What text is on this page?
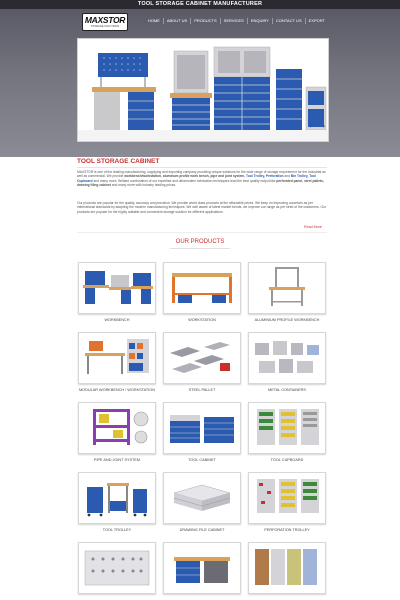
TOOL STORAGE CABINET MANUFACTURER
MAXSTOR
STORAGE SOLUTIONS
HOME	ABOUT US	PRODUCTS	SERVICES	ENQUIRY	CONTACT US	EXPORT
‹	›
TOOL STORAGE CABINET
MAXSTOR is one of the leading manufacturing, supplying and exporting company providing unique solutions for the wide range of storage requirement for the industrial as well as commercial. We provide workbench/workstation, aluminum profile work bench, pipe and joint system, Tool Trolley, Perforation and Bin Trolley, Tool Cupboard and many more. Brilliant combination of our expertise and ultramodern fabrication techniques lead the best quality output like perforated panel, steel pallets, drawing filing cabinet and many more with industry leading prices.
Our products are popular for the quality, accuracy and precision. We provide world class products at the affordable prices. We keep on improving ourselves as per international standards by adopting the modern manufacturing techniques. We well aware of latest market trends, we improve our range as per need of the customers. Our products are popular for the highly suitable and convenient storage solution for different applications.
Read More
OUR PRODUCTS
WORKBENCH	WORKSTATION	ALUMINIUM PROFILE WORKBENCH
MODULAR WORKBENCH / WORKSTATION	STEEL PALLET	METAL CONTAINERS
PIPE AND JOINT SYSTEM	TOOL CABINET	TOOL CUPBOARD
TOOL TROLLEY	DRAWING FILE CABINET	PERFORATION TROLLEY
